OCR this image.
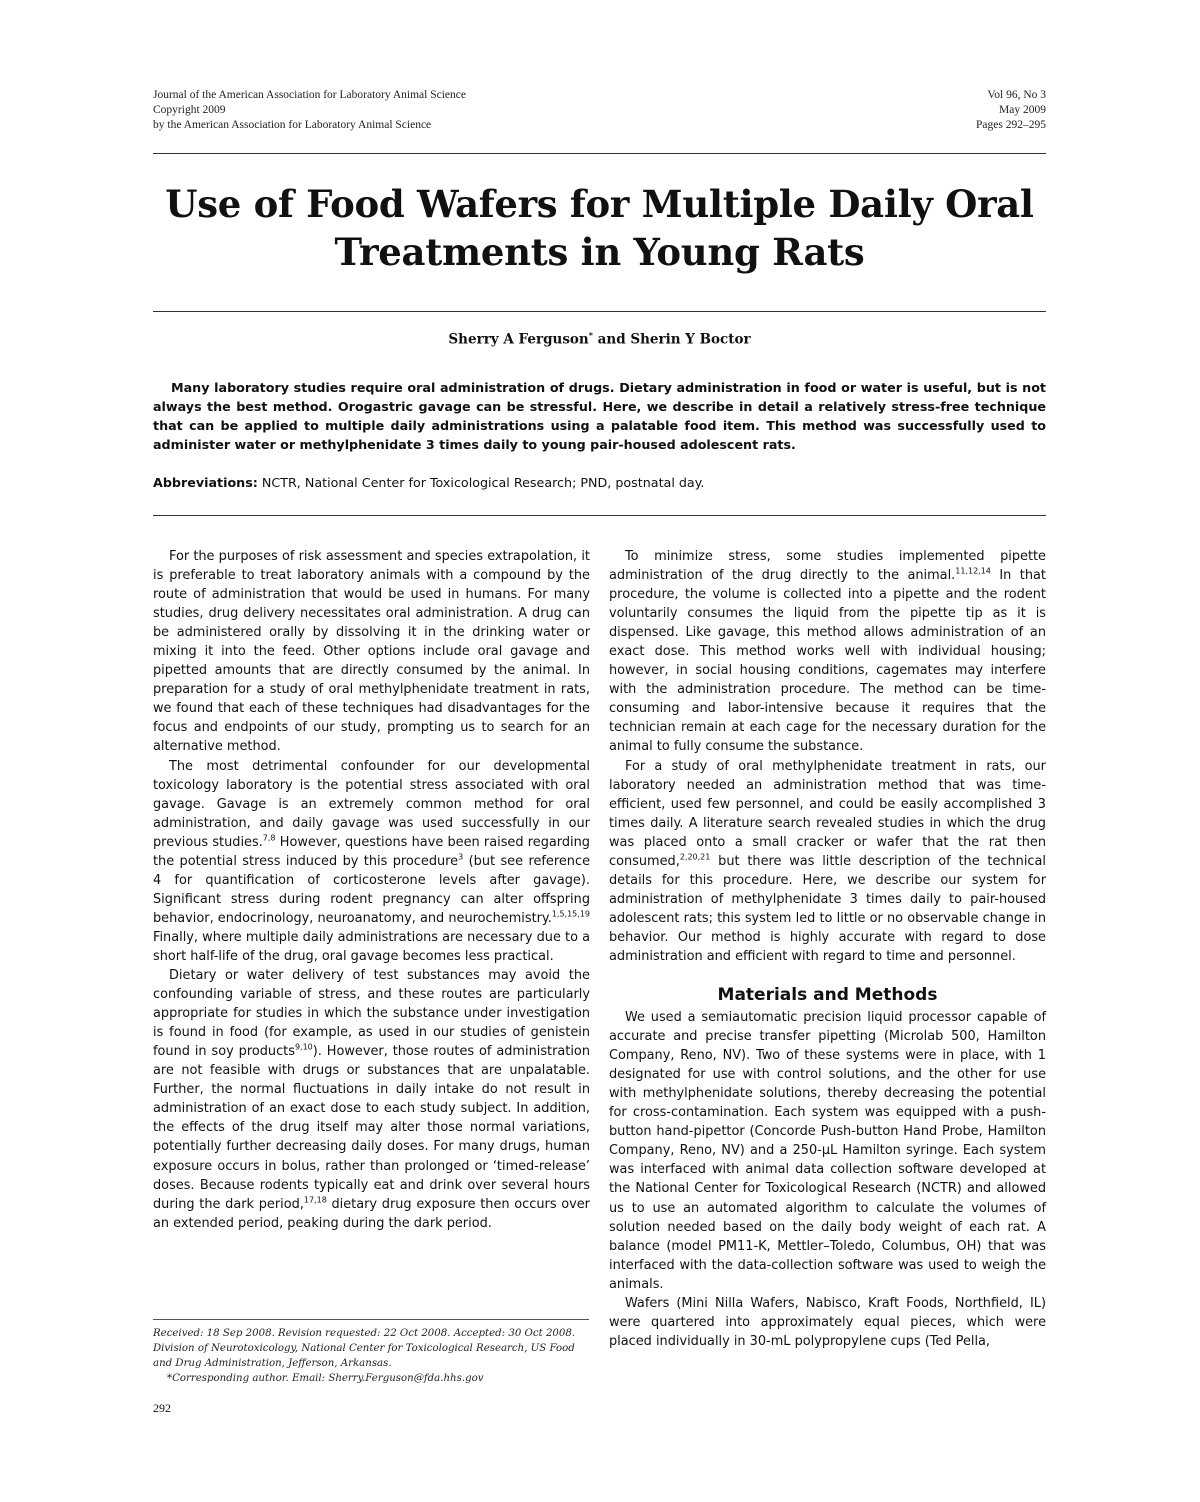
Journal of the American Association for Laboratory Animal Science
Copyright 2009
by the American Association for Laboratory Animal Science
Vol 96, No 3
May 2009
Pages 292–295
Use of Food Wafers for Multiple Daily Oral Treatments in Young Rats
Sherry A Ferguson* and Sherin Y Boctor

Many laboratory studies require oral administration of drugs. Dietary administration in food or water is useful, but is not always the best method. Orogastric gavage can be stressful. Here, we describe in detail a relatively stress-free technique that can be applied to multiple daily administrations using a palatable food item. This method was successfully used to administer water or methylphenidate 3 times daily to young pair-housed adolescent rats.

Abbreviations: NCTR, National Center for Toxicological Research; PND, postnatal day.

For the purposes of risk assessment and species extrapolation, it is preferable to treat laboratory animals with a compound by the route of administration that would be used in humans. For many studies, drug delivery necessitates oral administration. A drug can be administered orally by dissolving it in the drinking water or mixing it into the feed. Other options include oral gavage and pipetted amounts that are directly consumed by the animal. In preparation for a study of oral methylphenidate treatment in rats, we found that each of these techniques had disadvantages for the focus and endpoints of our study, prompting us to search for an alternative method.

The most detrimental confounder for our developmental toxicology laboratory is the potential stress associated with oral gavage. Gavage is an extremely common method for oral administration, and daily gavage was used successfully in our previous studies.$^{7,8}$ However, questions have been raised regarding the potential stress induced by this procedure$^3$ (but see reference 4 for quantification of corticosterone levels after gavage). Significant stress during rodent pregnancy can alter offspring behavior, endocrinology, neuroanatomy, and neurochemistry.$^{1,5,15,19}$ Finally, where multiple daily administrations are necessary due to a short half-life of the drug, oral gavage becomes less practical.

Dietary or water delivery of test substances may avoid the confounding variable of stress, and these routes are particularly appropriate for studies in which the substance under investigation is found in food (for example, as used in our studies of genistein found in soy products$^{9,10}$). However, those routes of administration are not feasible with drugs or substances that are unpalatable. Further, the normal fluctuations in daily intake do not result in administration of an exact dose to each study subject. In addition, the effects of the drug itself may alter those normal variations, potentially further decreasing daily doses. For many drugs, human exposure occurs in bolus, rather than prolonged or ‘timed-release’ doses. Because rodents typically eat and drink over several hours during the dark period,$^{17,18}$ dietary drug exposure then occurs over an extended period, peaking during the dark period.

To minimize stress, some studies implemented pipette administration of the drug directly to the animal.$^{11,12,14}$ In that procedure, the volume is collected into a pipette and the rodent voluntarily consumes the liquid from the pipette tip as it is dispensed. Like gavage, this method allows administration of an exact dose. This method works well with individual housing; however, in social housing conditions, cagemates may interfere with the administration procedure. The method can be time-consuming and labor-intensive because it requires that the technician remain at each cage for the necessary duration for the animal to fully consume the substance.

For a study of oral methylphenidate treatment in rats, our laboratory needed an administration method that was time-efficient, used few personnel, and could be easily accomplished 3 times daily. A literature search revealed studies in which the drug was placed onto a small cracker or wafer that the rat then consumed,$^{2,20,21}$ but there was little description of the technical details for this procedure. Here, we describe our system for administration of methylphenidate 3 times daily to pair-housed adolescent rats; this system led to little or no observable change in behavior. Our method is highly accurate with regard to dose administration and efficient with regard to time and personnel.

Materials and Methods

We used a semiautomatic precision liquid processor capable of accurate and precise transfer pipetting (Microlab 500, Hamilton Company, Reno, NV). Two of these systems were in place, with 1 designated for use with control solutions, and the other for use with methylphenidate solutions, thereby decreasing the potential for cross-contamination. Each system was equipped with a push-button hand-pipettor (Concorde Push-button Hand Probe, Hamilton Company, Reno, NV) and a 250-μL Hamilton syringe. Each system was interfaced with animal data collection software developed at the National Center for Toxicological Research (NCTR) and allowed us to use an automated algorithm to calculate the volumes of solution needed based on the daily body weight of each rat. A balance (model PM11-K, Mettler–Toledo, Columbus, OH) that was interfaced with the data-collection software was used to weigh the animals.

Wafers (Mini Nilla Wafers, Nabisco, Kraft Foods, Northfield, IL) were quartered into approximately equal pieces, which were placed individually in 30-mL polypropylene cups (Ted Pella,

Received: 18 Sep 2008. Revision requested: 22 Oct 2008. Accepted: 30 Oct 2008.
Division of Neurotoxicology, National Center for Toxicological Research, US Food and Drug Administration, Jefferson, Arkansas.
*Corresponding author. Email: Sherry.Ferguson@fda.hhs.gov
292
